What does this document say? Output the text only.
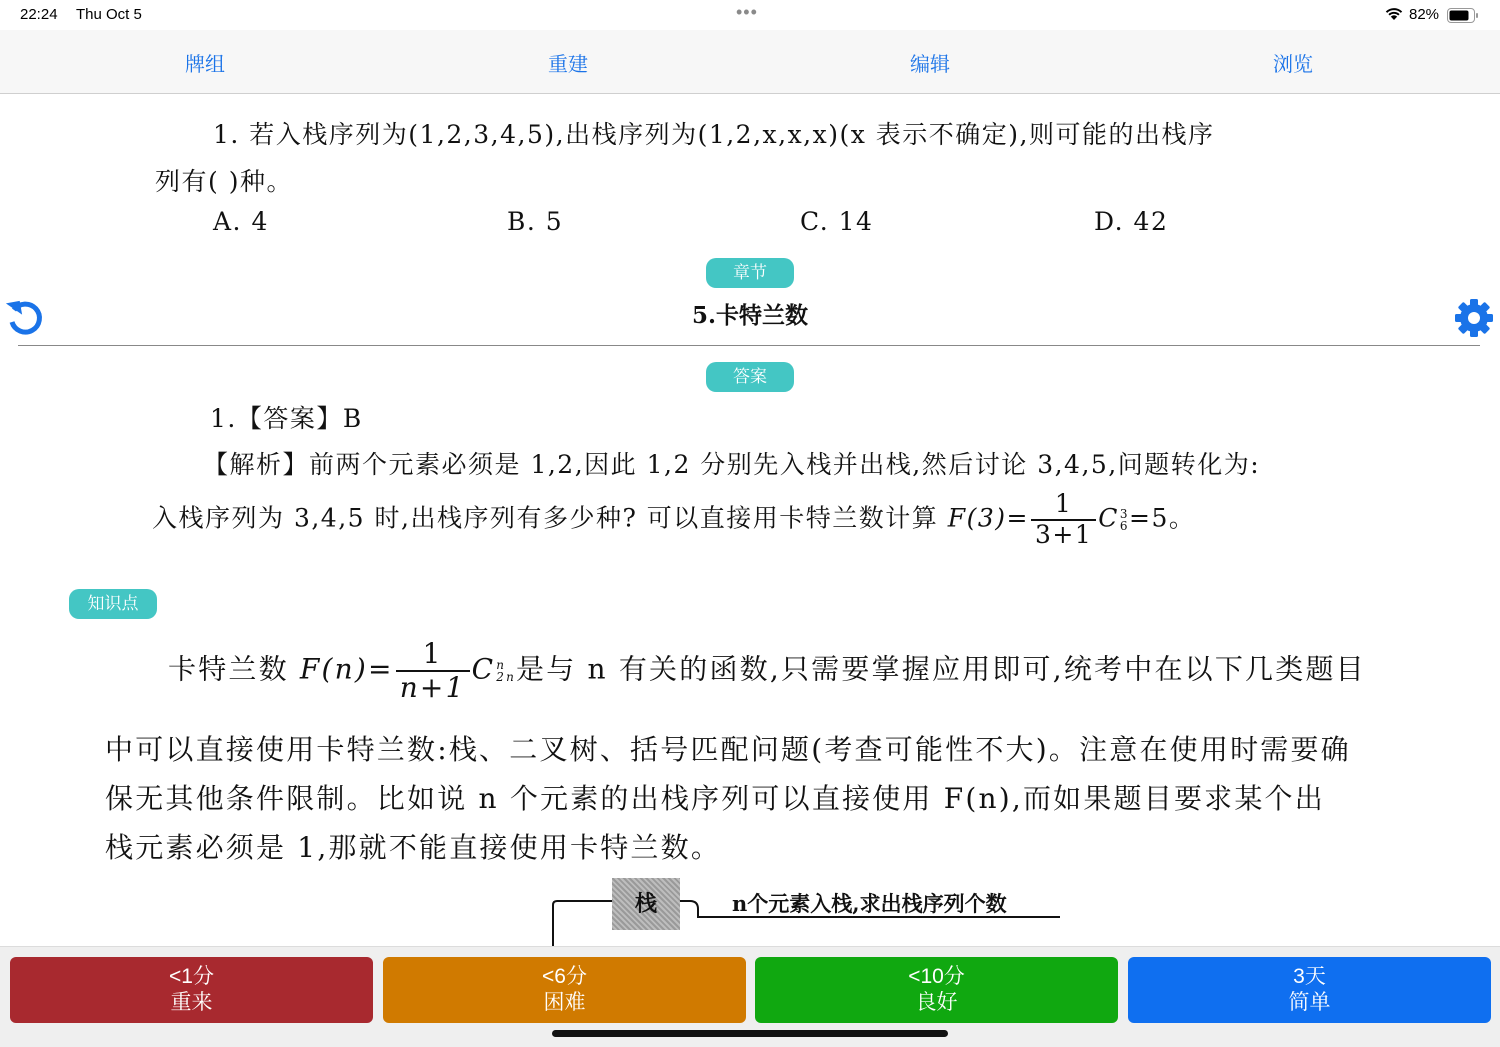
22:24 Thu Oct 5	•••	82%
牌组	重建	编辑	浏览
1. 若入栈序列为(1,2,3,4,5),出栈序列为(1,2,x,x,x)(x 表示不确定),则可能的出栈序
列有( )种。
A. 4	B. 5	C. 14	D. 42
章节
5.卡特兰数
答案
1.【答案】B
【解析】前两个元素必须是 1,2,因此 1,2 分别先入栈并出栈,然后讨论 3,4,5,问题转化为:
入栈序列为 3,4,5 时,出栈序列有多少种? 可以直接用卡特兰数计算 $F(3)= \frac{1}{3+1}$ C 3
6 =5。
知识点
卡特兰数 $F(n)= \frac{1}{n+1}$ C n
2n 是与 n 有关的函数,只需要掌握应用即可,统考中在以下几类题目
中可以直接使用卡特兰数:栈、二叉树、括号匹配问题(考查可能性不大)。注意在使用时需要确
保无其他条件限制。比如说 n 个元素的出栈序列可以直接使用 F(n),而如果题目要求某个出
栈元素必须是 1,那就不能直接使用卡特兰数。
栈	n个元素入栈,求出栈序列个数
<1分
重来
<6分
困难
<10分
良好
3天
简单
